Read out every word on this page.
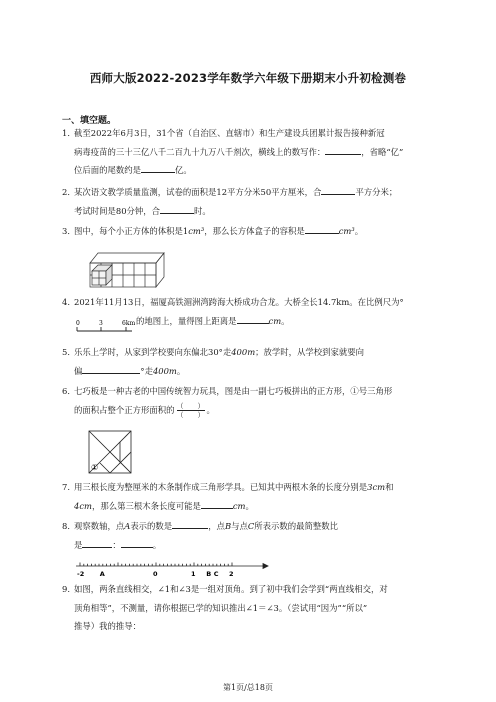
西师大版2022-2023学年数学六年级下册期末小升初检测卷
一、填空题。
1．截至2022年6月3日，31个省（自治区、直辖市）和生产建设兵团累计报告接种新冠
病毒疫苗的三十三亿八千二百九十九万八千剂次，横线上的数写作：	，省略“亿”
位后面的尾数约是	亿。
2．某次语文教学质量监测，试卷的面积是12平方分米50平方厘米，合	平方分米；
考试时间是80分钟，合	时。
3．图中，每个小正方体的体积是1cm³，那么长方体盒子的容积是	cm³。
4. 2021年11月13日，福厦高铁湄洲湾跨海大桥成功合龙。大桥全长14.7km。在比例尺为°
的地图上，量得图上距离是	cm。
0	3	6km
5．乐乐上学时，从家到学校要向东偏北30°走400m；放学时，从学校到家就要向
偏	°走400m。
6．七巧板是一种古老的中国传统智力玩具，图是由一副七巧板拼出的正方形，①号三角形
的面积占整个正方形面积的 （　　）
（　　） 。
①
7. 用三根长度为整厘米的木条制作成三角形学具。已知其中两根木条的长度分别是3cm和
4cm，那么第三根木条长度可能是	cm。
8．观察数轴，点A表示的数是	，点B与点C所表示数的最简整数比
是	：	。
-2 A	0	B
1	C 2
9. 如图，两条直线相交，∠1和∠3是一组对顶角。到了初中我们会学到“两直线相交，对
顶角相等”，不测量，请你根据已学的知识推出∠1＝∠3。（尝试用“因为”“所以”
推导）我的推导：
第1页/总18页
